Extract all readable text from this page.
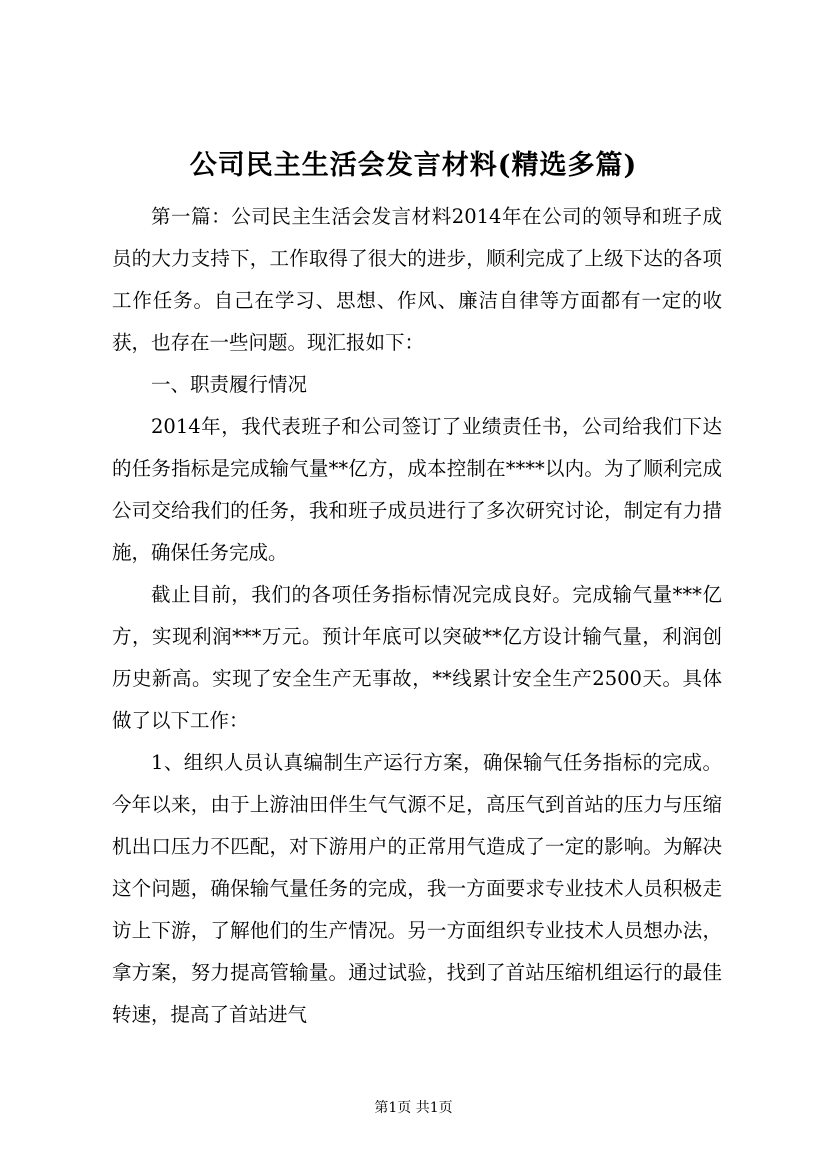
公司民主生活会发言材料(精选多篇)

第一篇：公司民主生活会发言材料2014年在公司的领导和班子成员的大力支持下，工作取得了很大的进步，顺利完成了上级下达的各项工作任务。自己在学习、思想、作风、廉洁自律等方面都有一定的收获，也存在一些问题。现汇报如下：

一、职责履行情况

2014年，我代表班子和公司签订了业绩责任书，公司给我们下达的任务指标是完成输气量**亿方，成本控制在****以内。为了顺利完成公司交给我们的任务，我和班子成员进行了多次研究讨论，制定有力措施，确保任务完成。

截止目前，我们的各项任务指标情况完成良好。完成输气量***亿方，实现利润***万元。预计年底可以突破**亿方设计输气量，利润创历史新高。实现了安全生产无事故，**线累计安全生产2500天。具体做了以下工作：

1、组织人员认真编制生产运行方案，确保输气任务指标的完成。今年以来，由于上游油田伴生气气源不足，高压气到首站的压力与压缩机出口压力不匹配，对下游用户的正常用气造成了一定的影响。为解决这个问题，确保输气量任务的完成，我一方面要求专业技术人员积极走访上下游，了解他们的生产情况。另一方面组织专业技术人员想办法，拿方案，努力提高管输量。通过试验，找到了首站压缩机组运行的最佳转速，提高了首站进气

第1页 共1页
